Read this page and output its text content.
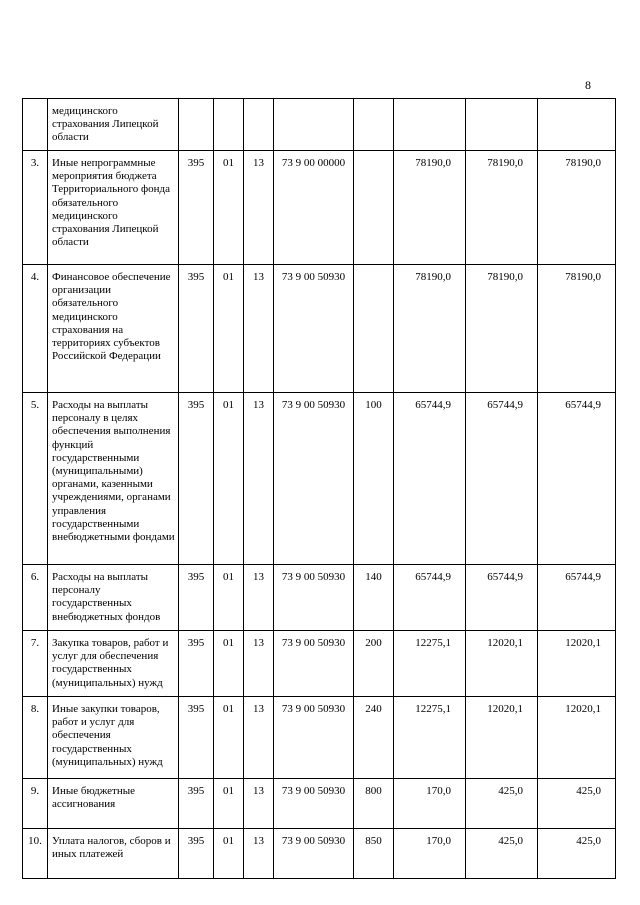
8
	медицинского страхования Липецкой области								
3.	Иные непрограммные мероприятия бюджета Территориального фонда обязательного медицинского страхования Липецкой области	395	01	13	73 9 00 00000		78190,0	78190,0	78190,0
4.	Финансовое обеспечение организации обязательного медицинского страхования на территориях субъектов Российской Федерации	395	01	13	73 9 00 50930		78190,0	78190,0	78190,0
5.	Расходы на выплаты персоналу в целях обеспечения выполнения функций государственными (муниципальными) органами, казенными учреждениями, органами управления государственными внебюджетными фондами	395	01	13	73 9 00 50930	100	65744,9	65744,9	65744,9
6.	Расходы на выплаты персоналу государственных внебюджетных фондов	395	01	13	73 9 00 50930	140	65744,9	65744,9	65744,9
7.	Закупка товаров, работ и услуг для обеспечения государственных (муниципальных) нужд	395	01	13	73 9 00 50930	200	12275,1	12020,1	12020,1
8.	Иные закупки товаров, работ и услуг для обеспечения государственных (муниципальных) нужд	395	01	13	73 9 00 50930	240	12275,1	12020,1	12020,1
9.	Иные бюджетные ассигнования	395	01	13	73 9 00 50930	800	170,0	425,0	425,0
10.	Уплата налогов, сборов и иных платежей	395	01	13	73 9 00 50930	850	170,0	425,0	425,0
